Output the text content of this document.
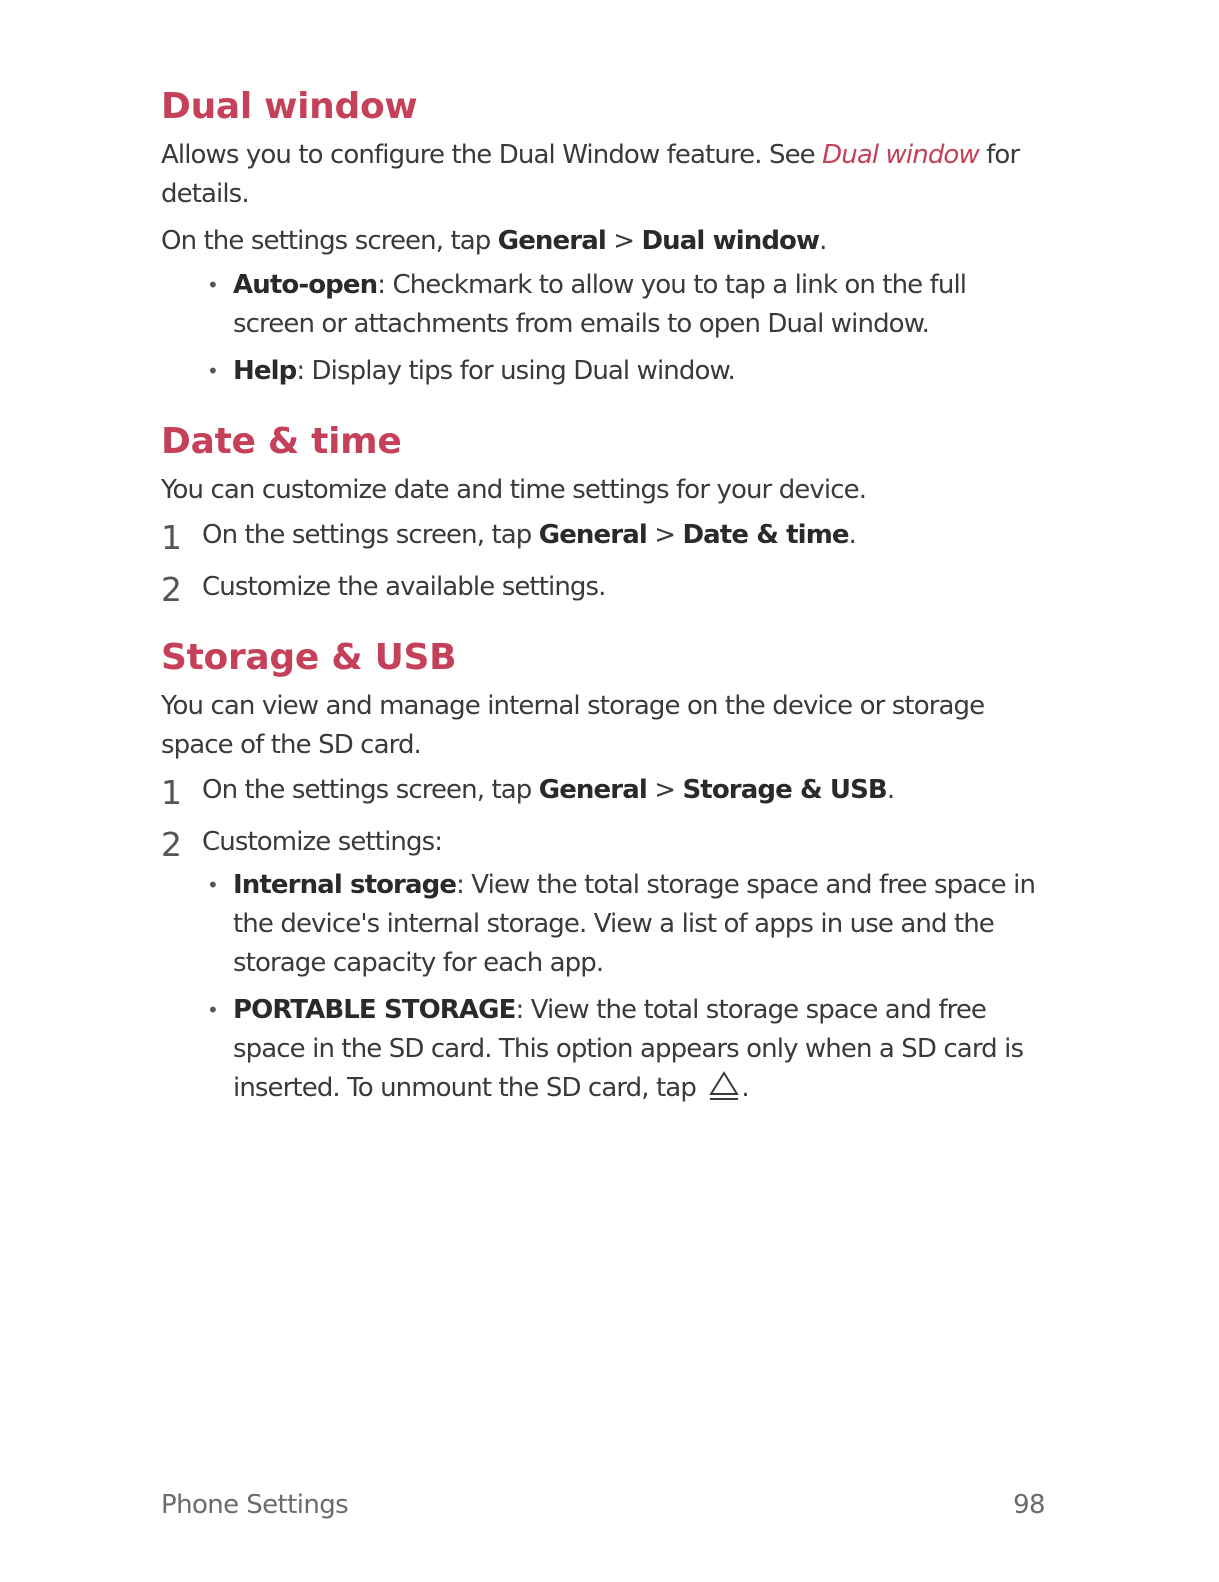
Dual window

Allows you to configure the Dual Window feature. See Dual window for details.

On the settings screen, tap General > Dual window.

• Auto-open: Checkmark to allow you to tap a link on the full screen or attachments from emails to open Dual window.
• Help: Display tips for using Dual window.
Date & time

You can customize date and time settings for your device.

1 On the settings screen, tap General > Date & time.
2 Customize the available settings.
Storage & USB

You can view and manage internal storage on the device or storage space of the SD card.

1 On the settings screen, tap General > Storage & USB.
2 Customize settings:
• Internal storage: View the total storage space and free space in the device's internal storage. View a list of apps in use and the storage capacity for each app.
• PORTABLE STORAGE: View the total storage space and free space in the SD card. This option appears only when a SD card is inserted. To unmount the SD card, tap .
Phone Settings	98
